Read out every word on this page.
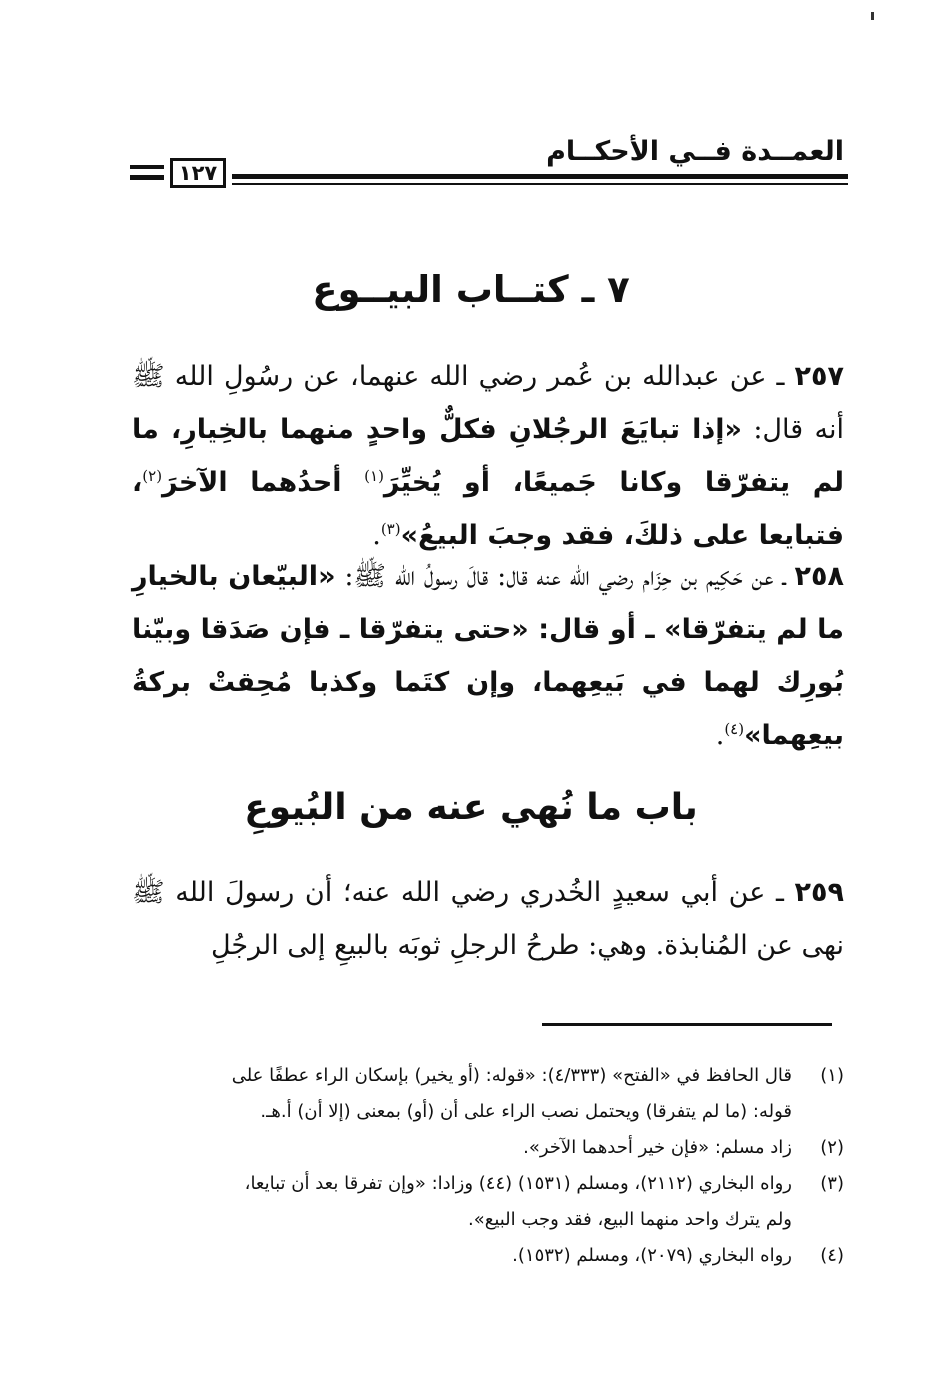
العمــدة فــي الأحكــام
١٢٧
٧ ـ كتــاب البيــوع
٢٥٧ ـ عن عبدالله بن عُمر رضي الله عنهما، عن رسُولِ الله ﷺ أنه قال: «إذا تبايَعَ الرجُلانِ فكلٌّ واحدٍ منهما بالخِيارِ، ما لم يتفرّقا وكانا جَميعًا، أو يُخيِّرَ$^{(١)}$ أحدُهما الآخرَ$^{(٢)}$، فتبايعا على ذلكَ، فقد وجبَ البيعُ»$^{(٣)}$.
٢٥٨ ـ عن حَكِيم بن حِزَام رضي الله عنه قال: قالَ رسولُ الله ﷺ: «البيّعان بالخيارِ ما لم يتفرّقا» ـ أو قال: «حتى يتفرّقا ـ فإن صَدَقا وبيّنا بُورِك لهما في بَيعِهما، وإن كتَما وكذبا مُحِقتْ بركةُ بيعِهما»$^{(٤)}$.
باب ما نُهي عنه من البُيوعِ
٢٥٩ ـ عن أبي سعيدٍ الخُدري رضي الله عنه؛ أن رسولَ الله ﷺ نهى عن المُنابذة. وهي: طرحُ الرجلِ ثوبَه بالبيعِ إلى الرجُلِ
(١)قال الحافظ في «الفتح» (٤/٣٣٣): «قوله: (أو يخير) بإسكان الراء عطفًا على
قوله: (ما لم يتفرقا) ويحتمل نصب الراء على أن (أو) بمعنى (إلا أن) أ.هـ.
(٢)زاد مسلم: «فإن خير أحدهما الآخر».
(٣)رواه البخاري (٢١١٢)، ومسلم (١٥٣١) (٤٤) وزادا: «وإن تفرقا بعد أن تبايعا،
ولم يترك واحد منهما البيع، فقد وجب البيع».
(٤)رواه البخاري (٢٠٧٩)، ومسلم (١٥٣٢).
